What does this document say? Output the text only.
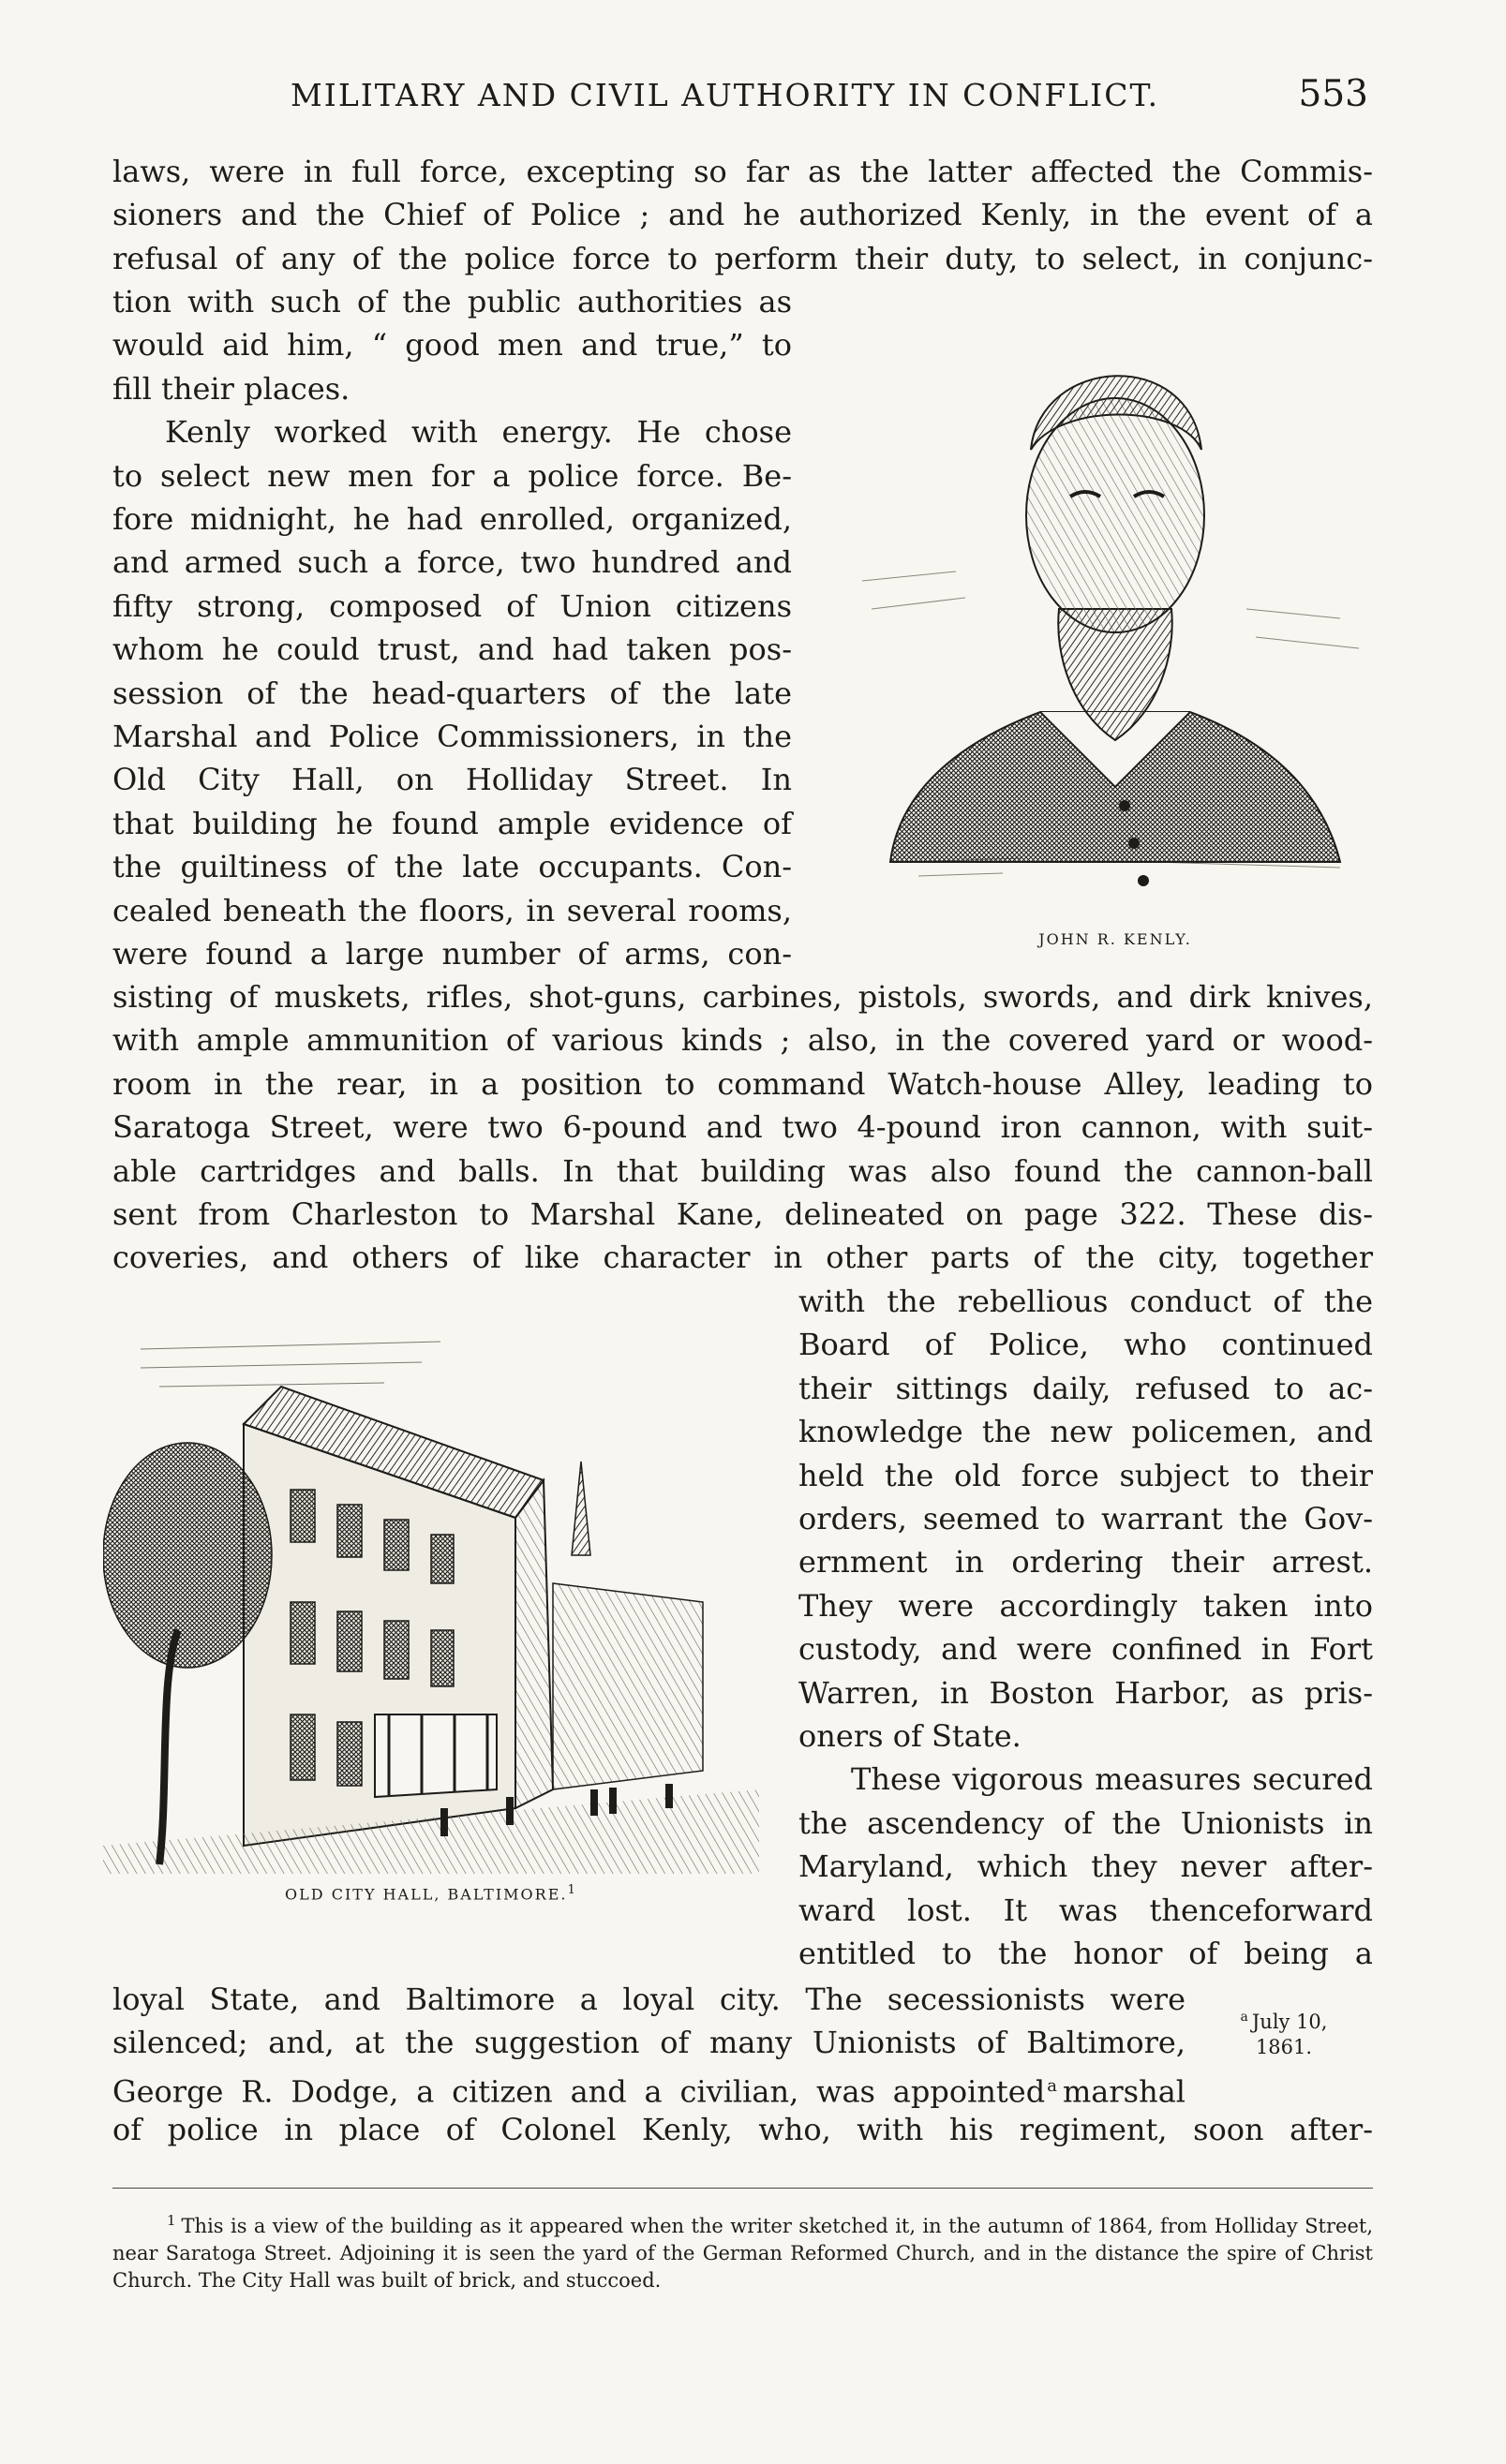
MILITARY AND CIVIL AUTHORITY IN CONFLICT.	553

laws, were in full force, excepting so far as the latter affected the Commis-

sioners and the Chief of Police ; and he authorized Kenly, in the event of a

refusal of any of the police force to perform their duty, to select, in conjunc-

tion with such of the public authorities as

would aid him, “ good men and true,” to

fill their places.

Kenly worked with energy. He chose

to select new men for a police force. Be-

fore midnight, he had enrolled, organized,

and armed such a force, two hundred and

fifty strong, composed of Union citizens

whom he could trust, and had taken pos-

session of the head-quarters of the late

Marshal and Police Commissioners, in the

Old City Hall, on Holliday Street. In

that building he found ample evidence of

the guiltiness of the late occupants. Con-

cealed beneath the floors, in several rooms,

were found a large number of arms, con-	JOHN R. KENLY.

sisting of muskets, rifles, shot-guns, carbines, pistols, swords, and dirk knives,

with ample ammunition of various kinds ; also, in the covered yard or wood-

room in the rear, in a position to command Watch-house Alley, leading to

Saratoga Street, were two 6-pound and two 4-pound iron cannon, with suit-

able cartridges and balls. In that building was also found the cannon-ball

sent from Charleston to Marshal Kane, delineated on page 322. These dis-

coveries, and others of like character in other parts of the city, together

OLD CITY HALL, BALTIMORE.$^1$

with the rebellious conduct of the

Board of Police, who continued

their sittings daily, refused to ac-

knowledge the new policemen, and

held the old force subject to their

orders, seemed to warrant the Gov-

ernment in ordering their arrest.

They were accordingly taken into

custody, and were confined in Fort

Warren, in Boston Harbor, as pris-

oners of State.

These vigorous measures secured

the ascendency of the Unionists in

Maryland, which they never after-

ward lost. It was thenceforward

entitled to the honor of being a

loyal State, and Baltimore a loyal city. The secessionists were

silenced; and, at the suggestion of many Unionists of Baltimore,

George R. Dodge, a citizen and a civilian, was appointed $^a$ marshal

of police in place of Colonel Kenly, who, with his regiment, soon after-

$^a$ July 10,
1861.

$^1$ This is a view of the building as it appeared when the writer sketched it, in the autumn of 1864, from Holliday Street, near Saratoga Street. Adjoining it is seen the yard of the German Reformed Church, and in the distance the spire of Christ Church. The City Hall was built of brick, and stuccoed.
